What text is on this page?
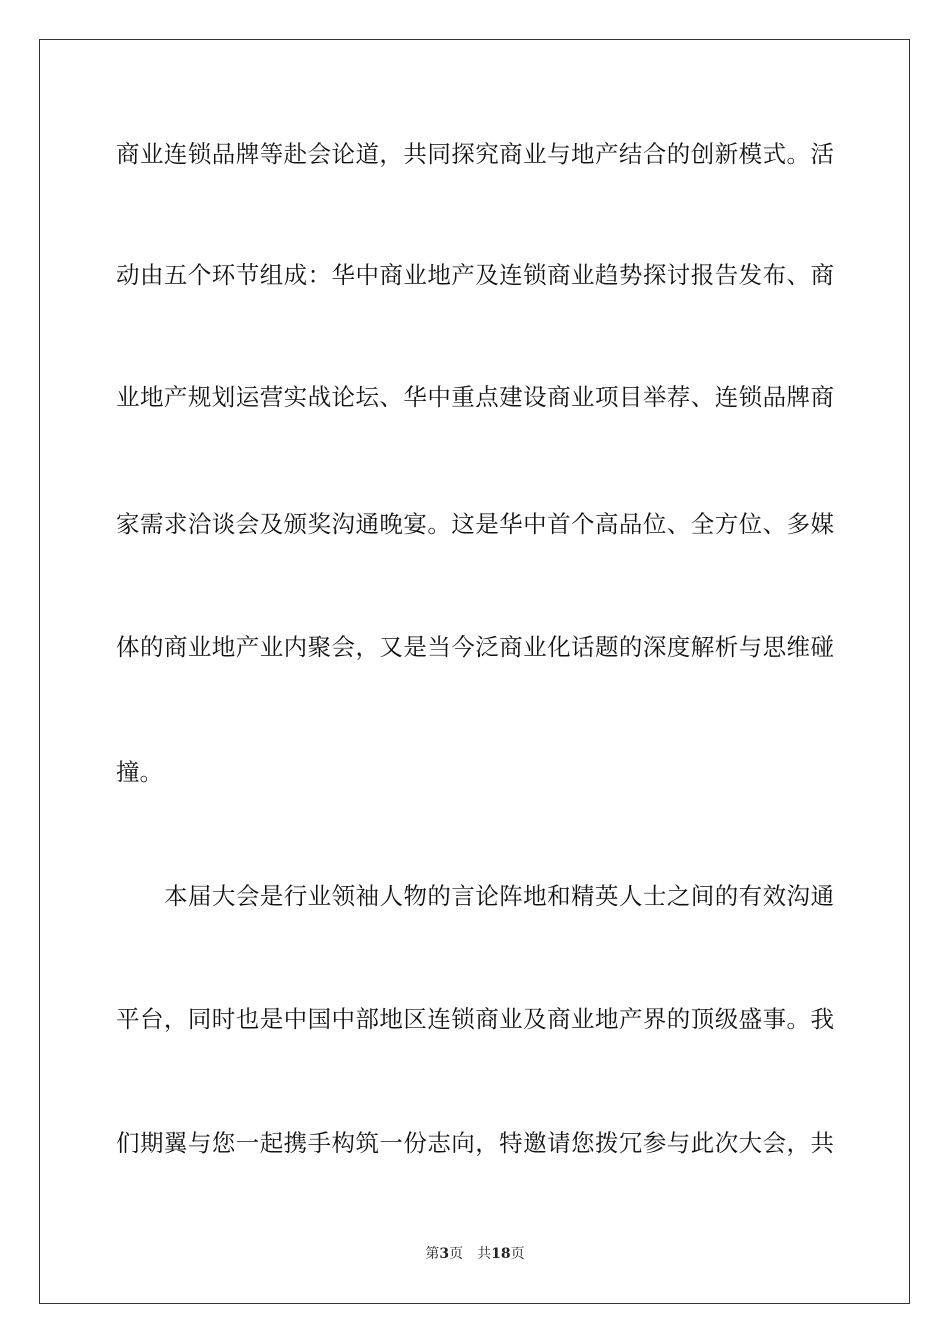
商业连锁品牌等赴会论道，共同探究商业与地产结合的创新模式。活
动由五个环节组成：华中商业地产及连锁商业趋势探讨报告发布、商
业地产规划运营实战论坛、华中重点建设商业项目举荐、连锁品牌商
家需求洽谈会及颁奖沟通晚宴。这是华中首个高品位、全方位、多媒
体的商业地产业内聚会，又是当今泛商业化话题的深度解析与思维碰
撞。
本届大会是行业领袖人物的言论阵地和精英人士之间的有效沟通
平台，同时也是中国中部地区连锁商业及商业地产界的顶级盛事。我
们期翼与您一起携手构筑一份志向，特邀请您拨冗参与此次大会，共
第3页 共18页
